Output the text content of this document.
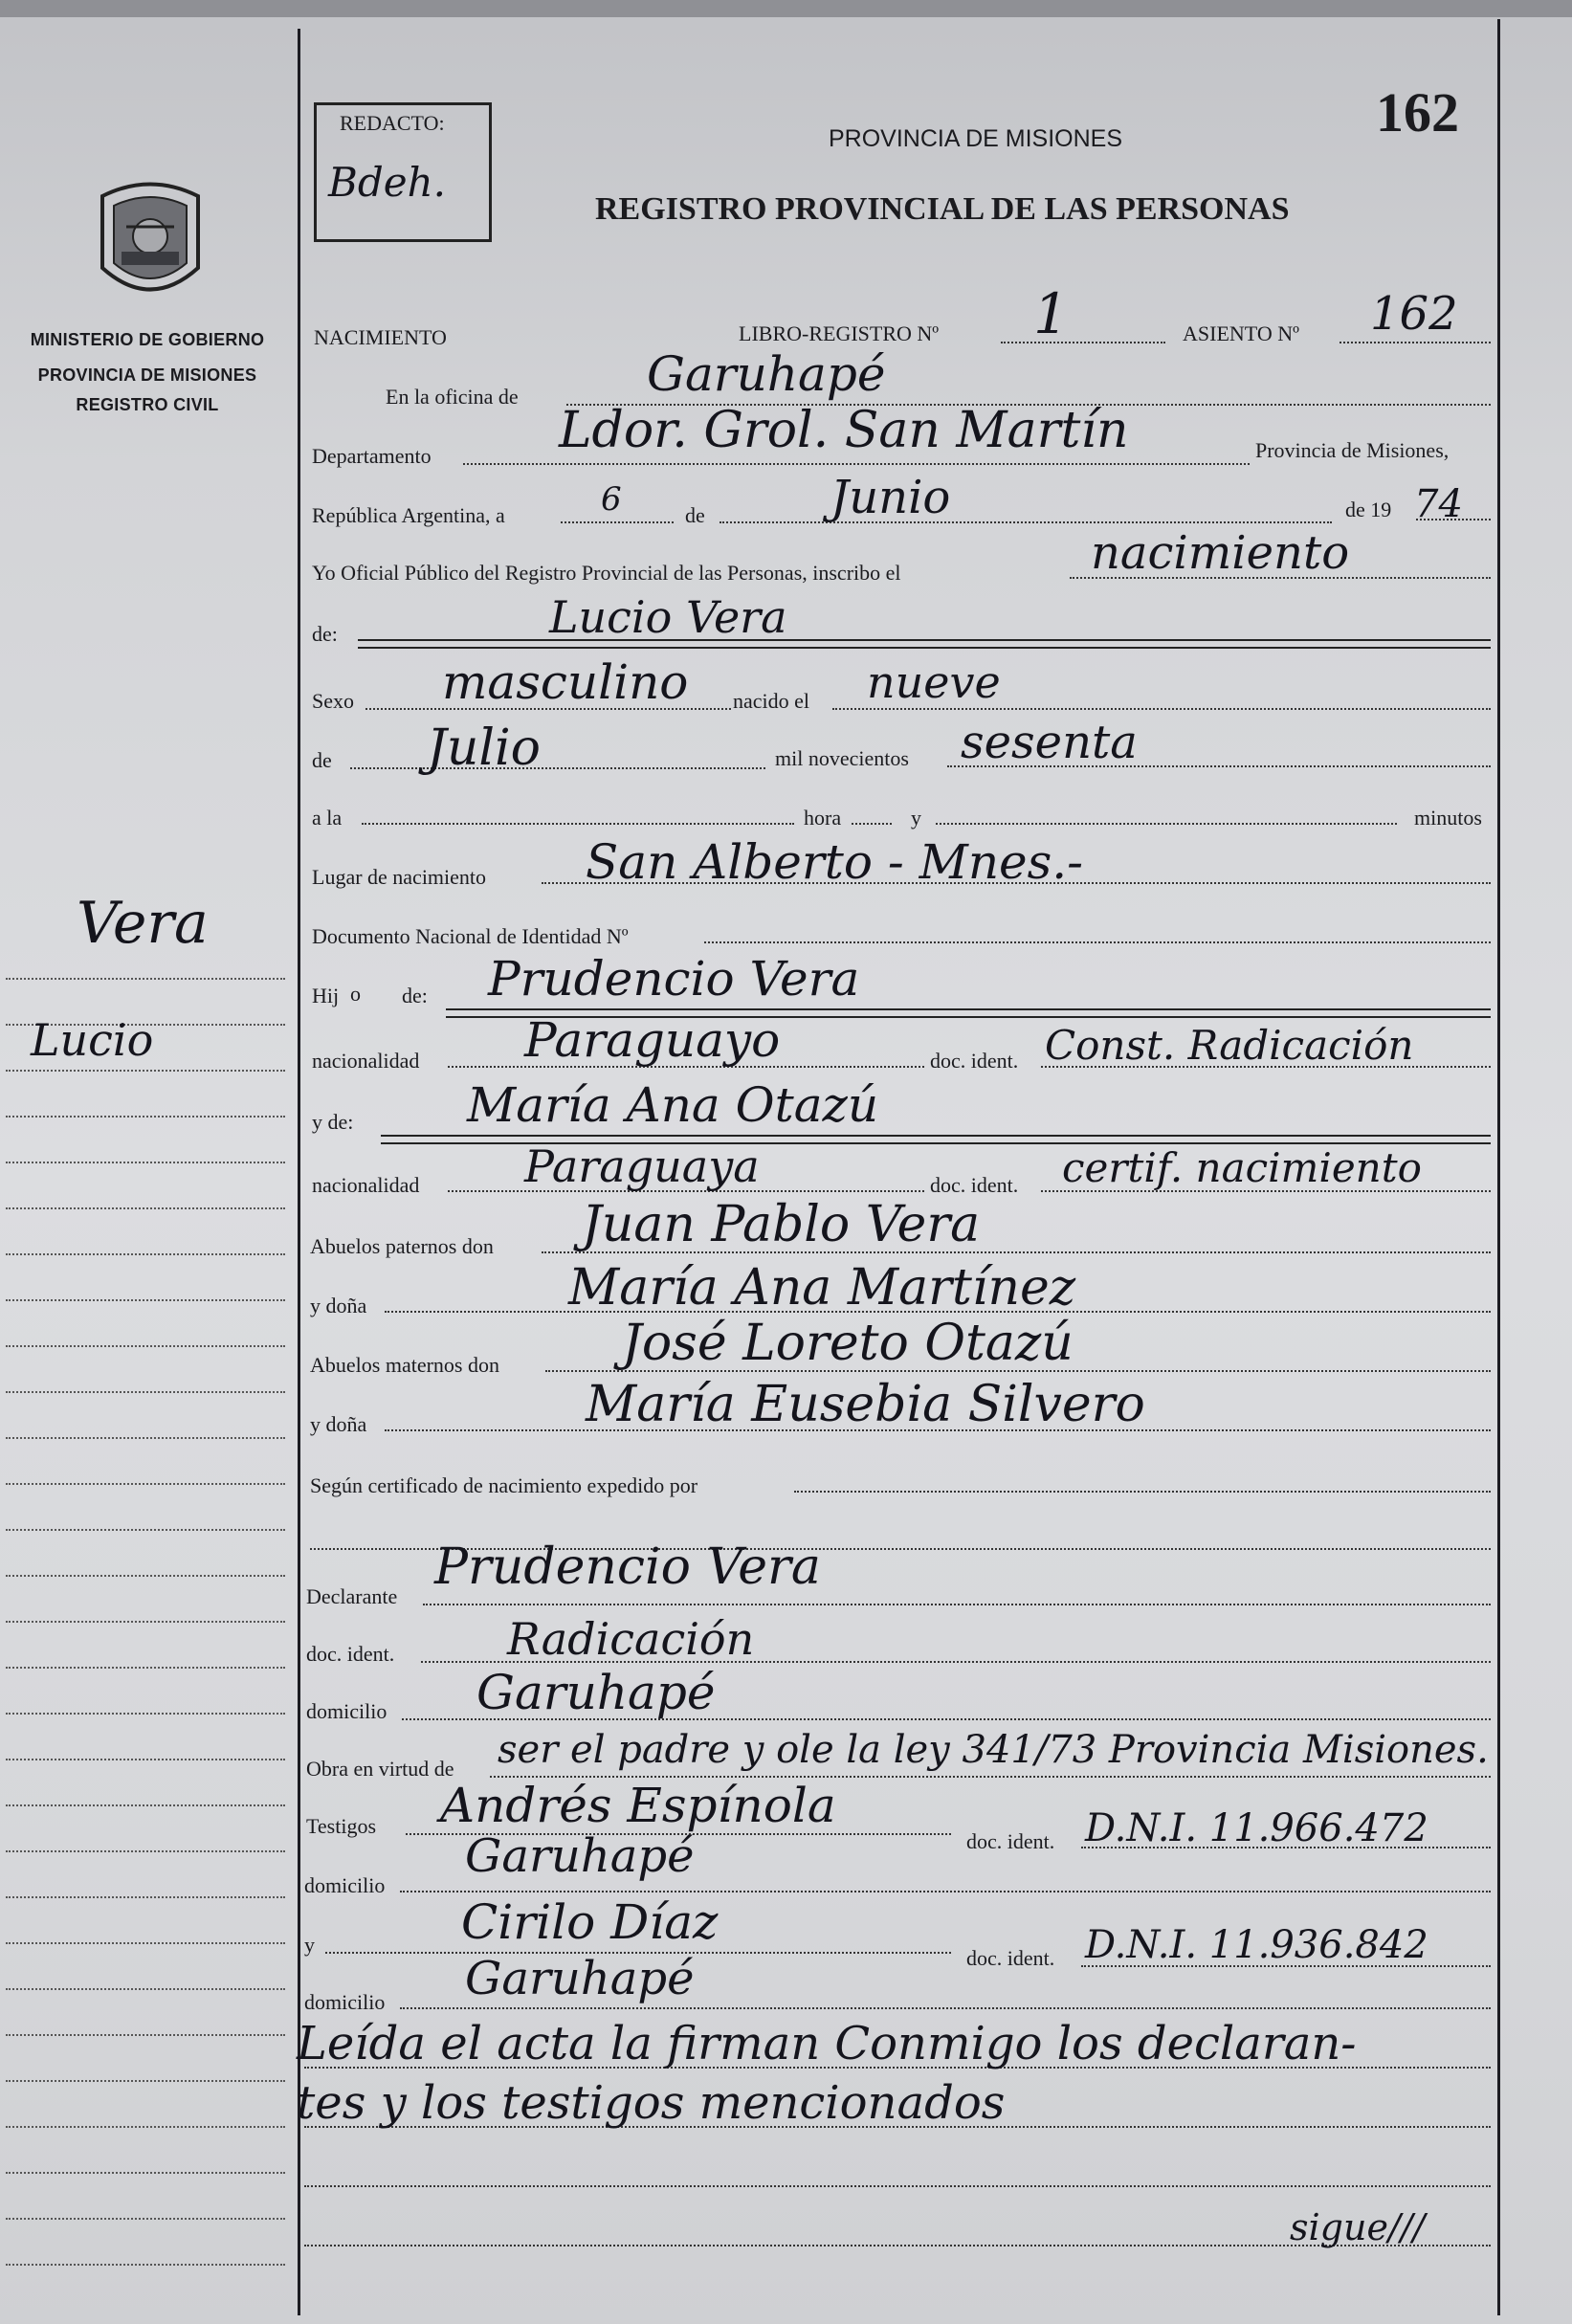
MINISTERIO DE GOBIERNO
PROVINCIA DE MISIONES
REGISTRO CIVIL
REDACTO:
Bdeh.
162
PROVINCIA DE MISIONES
REGISTRO PROVINCIAL DE LAS PERSONAS
NACIMIENTO	LIBRO-REGISTRO Nº 1	ASIENTO Nº 162
En la oficina de	Garuhapé
Departamento	Ldor. Grol. San Martín	Provincia de Misiones,
República Argentina, a	6	de	Junio	de 19 74
Yo Oficial Público del Registro Provincial de las Personas, inscribo el	nacimiento
de:	Lucio Vera
Sexo masculino nacido el nueve
de Julio	mil novecientos sesenta
a la	hora	y	minutos
Lugar de nacimiento San Alberto - Mnes.-
Documento Nacional de Identidad Nº
Hij o de: Prudencio Vera
nacionalidad Paraguayo	doc. ident. Const. Radicación
y de: María Ana Otazú
nacionalidad Paraguaya	doc. ident. certif. nacimiento
Abuelos paternos don Juan Pablo Vera
y doña	María Ana Martínez
Abuelos maternos don José Loreto Otazú
y doña	María Eusebia Silvero
Según certificado de nacimiento expedido por
Declarante
Prudencio Vera
doc. ident.	Radicación
domicilio Garuhapé
Obra en virtud de ser el padre y ole la ley 341/73 Provincia Misiones.
Testigos Andrés Espínola
doc. ident. D.N.I. 11.966.472
domicilio
Garuhapé
y	Cirilo Díaz
doc. ident. D.N.I. 11.936.842
domicilio Garuhapé
Leída el acta la firman Conmigo los declaran-
tes y los testigos mencionados
sigue///
Vera
Lucio
